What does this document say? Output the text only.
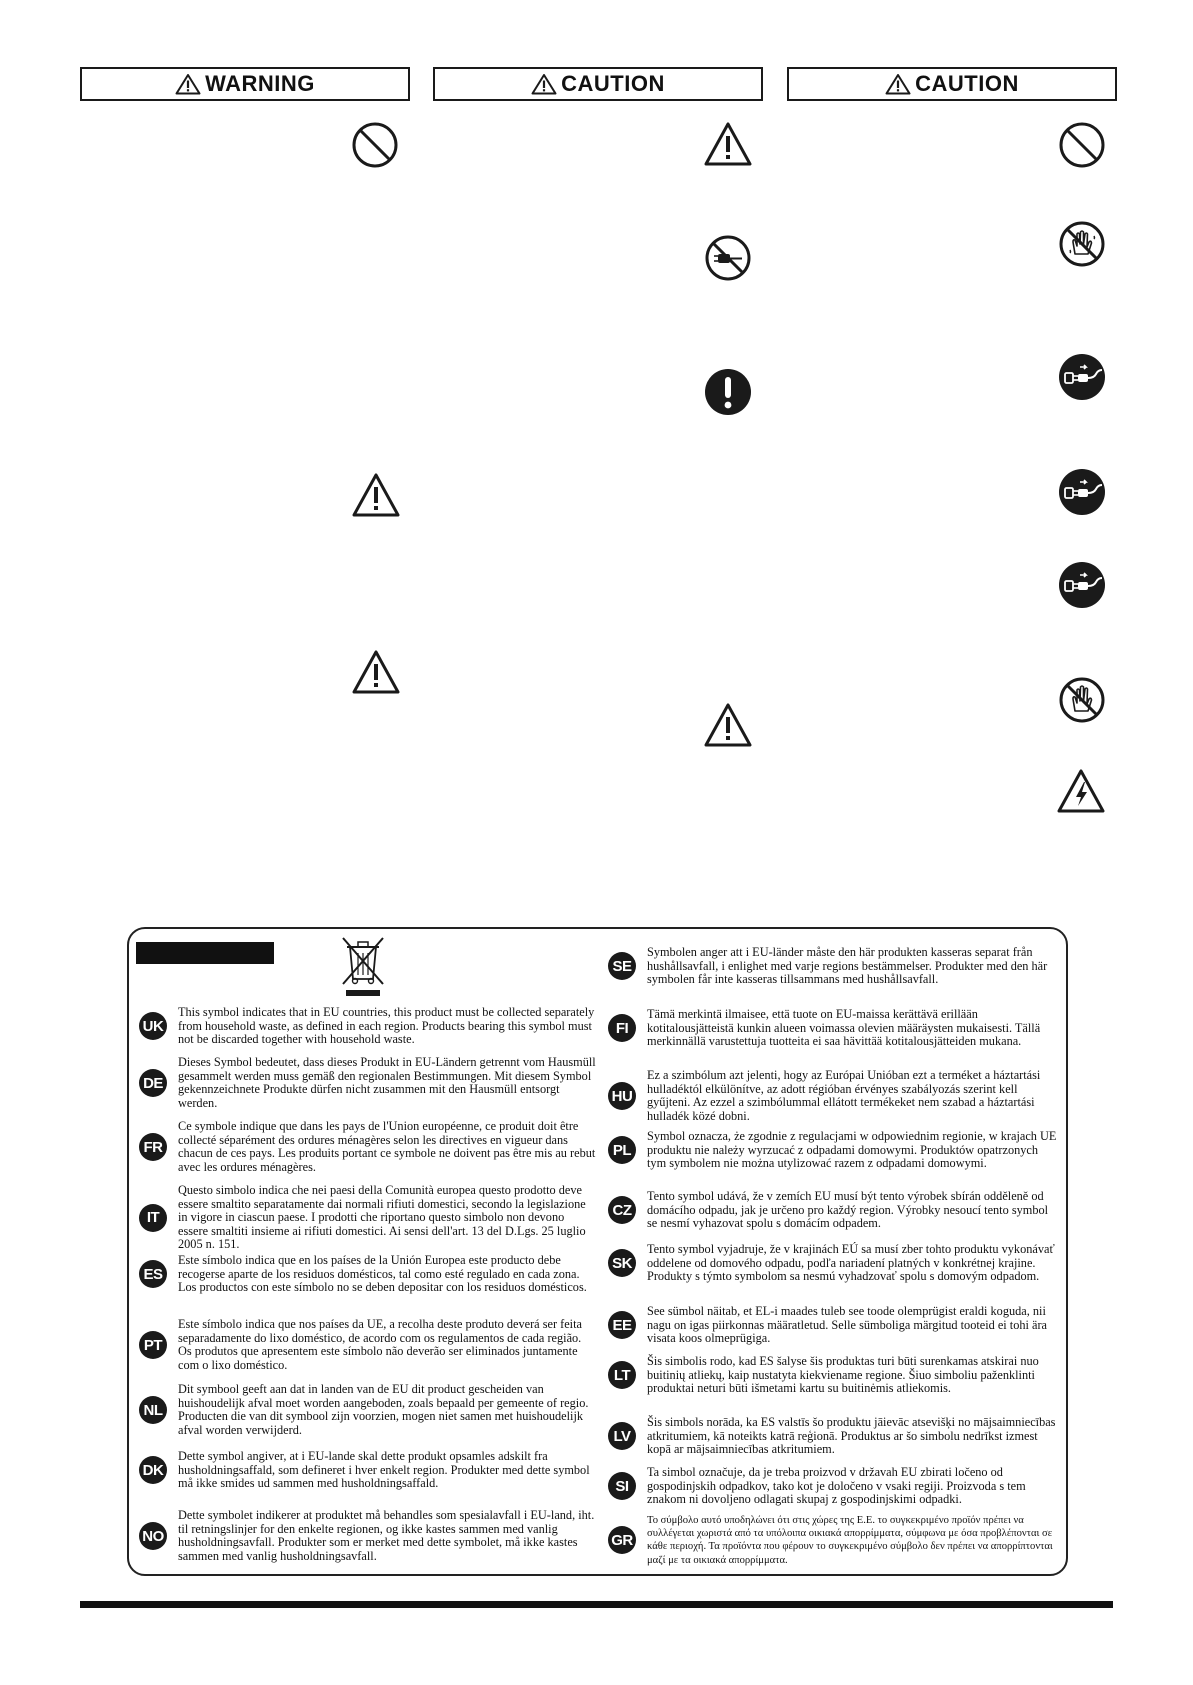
WARNING	CAUTION	CAUTION
UK
This symbol indicates that in EU countries, this product must be collected separately from household waste, as defined in each region. Products bearing this symbol must not be discarded together with household waste.
DE
Dieses Symbol bedeutet, dass dieses Produkt in EU-Ländern getrennt vom Hausmüll gesammelt werden muss gemäß den regionalen Bestimmungen. Mit diesem Symbol gekennzeichnete Produkte dürfen nicht zusammen mit den Hausmüll entsorgt werden.
FR
Ce symbole indique que dans les pays de l'Union européenne, ce produit doit être collecté séparément des ordures ménagères selon les directives en vigueur dans chacun de ces pays. Les produits portant ce symbole ne doivent pas être mis au rebut avec les ordures ménagères.
IT
Questo simbolo indica che nei paesi della Comunità europea questo prodotto deve essere smaltito separatamente dai normali rifiuti domestici, secondo la legislazione in vigore in ciascun paese. I prodotti che riportano questo simbolo non devono essere smaltiti insieme ai rifiuti domestici. Ai sensi dell'art. 13 del D.Lgs. 25 luglio 2005 n. 151.
ES
Este símbolo indica que en los países de la Unión Europea este producto debe recogerse aparte de los residuos domésticos, tal como esté regulado en cada zona. Los productos con este símbolo no se deben depositar con los residuos domésticos.
PT
Este símbolo indica que nos países da UE, a recolha deste produto deverá ser feita separadamente do lixo doméstico, de acordo com os regulamentos de cada região. Os produtos que apresentem este símbolo não deverão ser eliminados juntamente com o lixo doméstico.
NL
Dit symbool geeft aan dat in landen van de EU dit product gescheiden van huishoudelijk afval moet worden aangeboden, zoals bepaald per gemeente of regio. Producten die van dit symbool zijn voorzien, mogen niet samen met huishoudelijk afval worden verwijderd.
DK
Dette symbol angiver, at i EU-lande skal dette produkt opsamles adskilt fra husholdningsaffald, som defineret i hver enkelt region. Produkter med dette symbol må ikke smides ud sammen med husholdningsaffald.
NO
Dette symbolet indikerer at produktet må behandles som spesialavfall i EU-land, iht. til retningslinjer for den enkelte regionen, og ikke kastes sammen med vanlig husholdningsavfall. Produkter som er merket med dette symbolet, må ikke kastes sammen med vanlig husholdningsavfall.
SE
Symbolen anger att i EU-länder måste den här produkten kasseras separat från hushållsavfall, i enlighet med varje regions bestämmelser. Produkter med den här symbolen får inte kasseras tillsammans med hushållsavfall.
FI
Tämä merkintä ilmaisee, että tuote on EU-maissa kerättävä erillään kotitalousjätteistä kunkin alueen voimassa olevien määräysten mukaisesti. Tällä merkinnällä varustettuja tuotteita ei saa hävittää kotitalousjätteiden mukana.
HU
Ez a szimbólum azt jelenti, hogy az Európai Unióban ezt a terméket a háztartási hulladéktól elkülönítve, az adott régióban érvényes szabályozás szerint kell gyűjteni. Az ezzel a szimbólummal ellátott termékeket nem szabad a háztartási hulladék közé dobni.
PL
Symbol oznacza, że zgodnie z regulacjami w odpowiednim regionie, w krajach UE produktu nie należy wyrzucać z odpadami domowymi. Produktów opatrzonych tym symbolem nie można utylizować razem z odpadami domowymi.
CZ
Tento symbol udává, že v zemích EU musí být tento výrobek sbírán odděleně od domácího odpadu, jak je určeno pro každý region. Výrobky nesoucí tento symbol se nesmí vyhazovat spolu s domácím odpadem.
SK
Tento symbol vyjadruje, že v krajinách EÚ sa musí zber tohto produktu vykonávať oddelene od domového odpadu, podľa nariadení platných v konkrétnej krajine. Produkty s týmto symbolom sa nesmú vyhadzovať spolu s domovým odpadom.
EE
See sümbol näitab, et EL-i maades tuleb see toode olemprügist eraldi koguda, nii nagu on igas piirkonnas määratletud. Selle sümboliga märgitud tooteid ei tohi ära visata koos olmeprügiga.
LT
Šis simbolis rodo, kad ES šalyse šis produktas turi būti surenkamas atskirai nuo buitinių atliekų, kaip nustatyta kiekvienamе regione. Šiuo simboliu paženklinti produktai neturi būti išmetami kartu su buitinėmis atliekomis.
LV
Šis simbols norāda, ka ES valstīs šo produktu jāievāc atsevišķi no mājsaimniecības atkritumiem, kā noteikts katrā reģionā. Produktus ar šo simbolu nedrīkst izmest kopā ar mājsaimniecības atkritumiem.
SI
Ta simbol označuje, da je treba proizvod v državah EU zbirati ločeno od gospodinjskih odpadkov, tako kot je določeno v vsaki regiji. Proizvoda s tem znakom ni dovoljeno odlagati skupaj z gospodinjskimi odpadki.
GR
Το σύμβολο αυτό υποδηλώνει ότι στις χώρες της Ε.Ε. το συγκεκριμένο προϊόν πρέπει να συλλέγεται χωριστά από τα υπόλοιπα οικιακά απορρίμματα, σύμφωνα με όσα προβλέπονται σε κάθε περιοχή. Τα προϊόντα που φέρουν το συγκεκριμένο σύμβολο δεν πρέπει να απορρίπτονται μαζί με τα οικιακά απορρίμματα.
